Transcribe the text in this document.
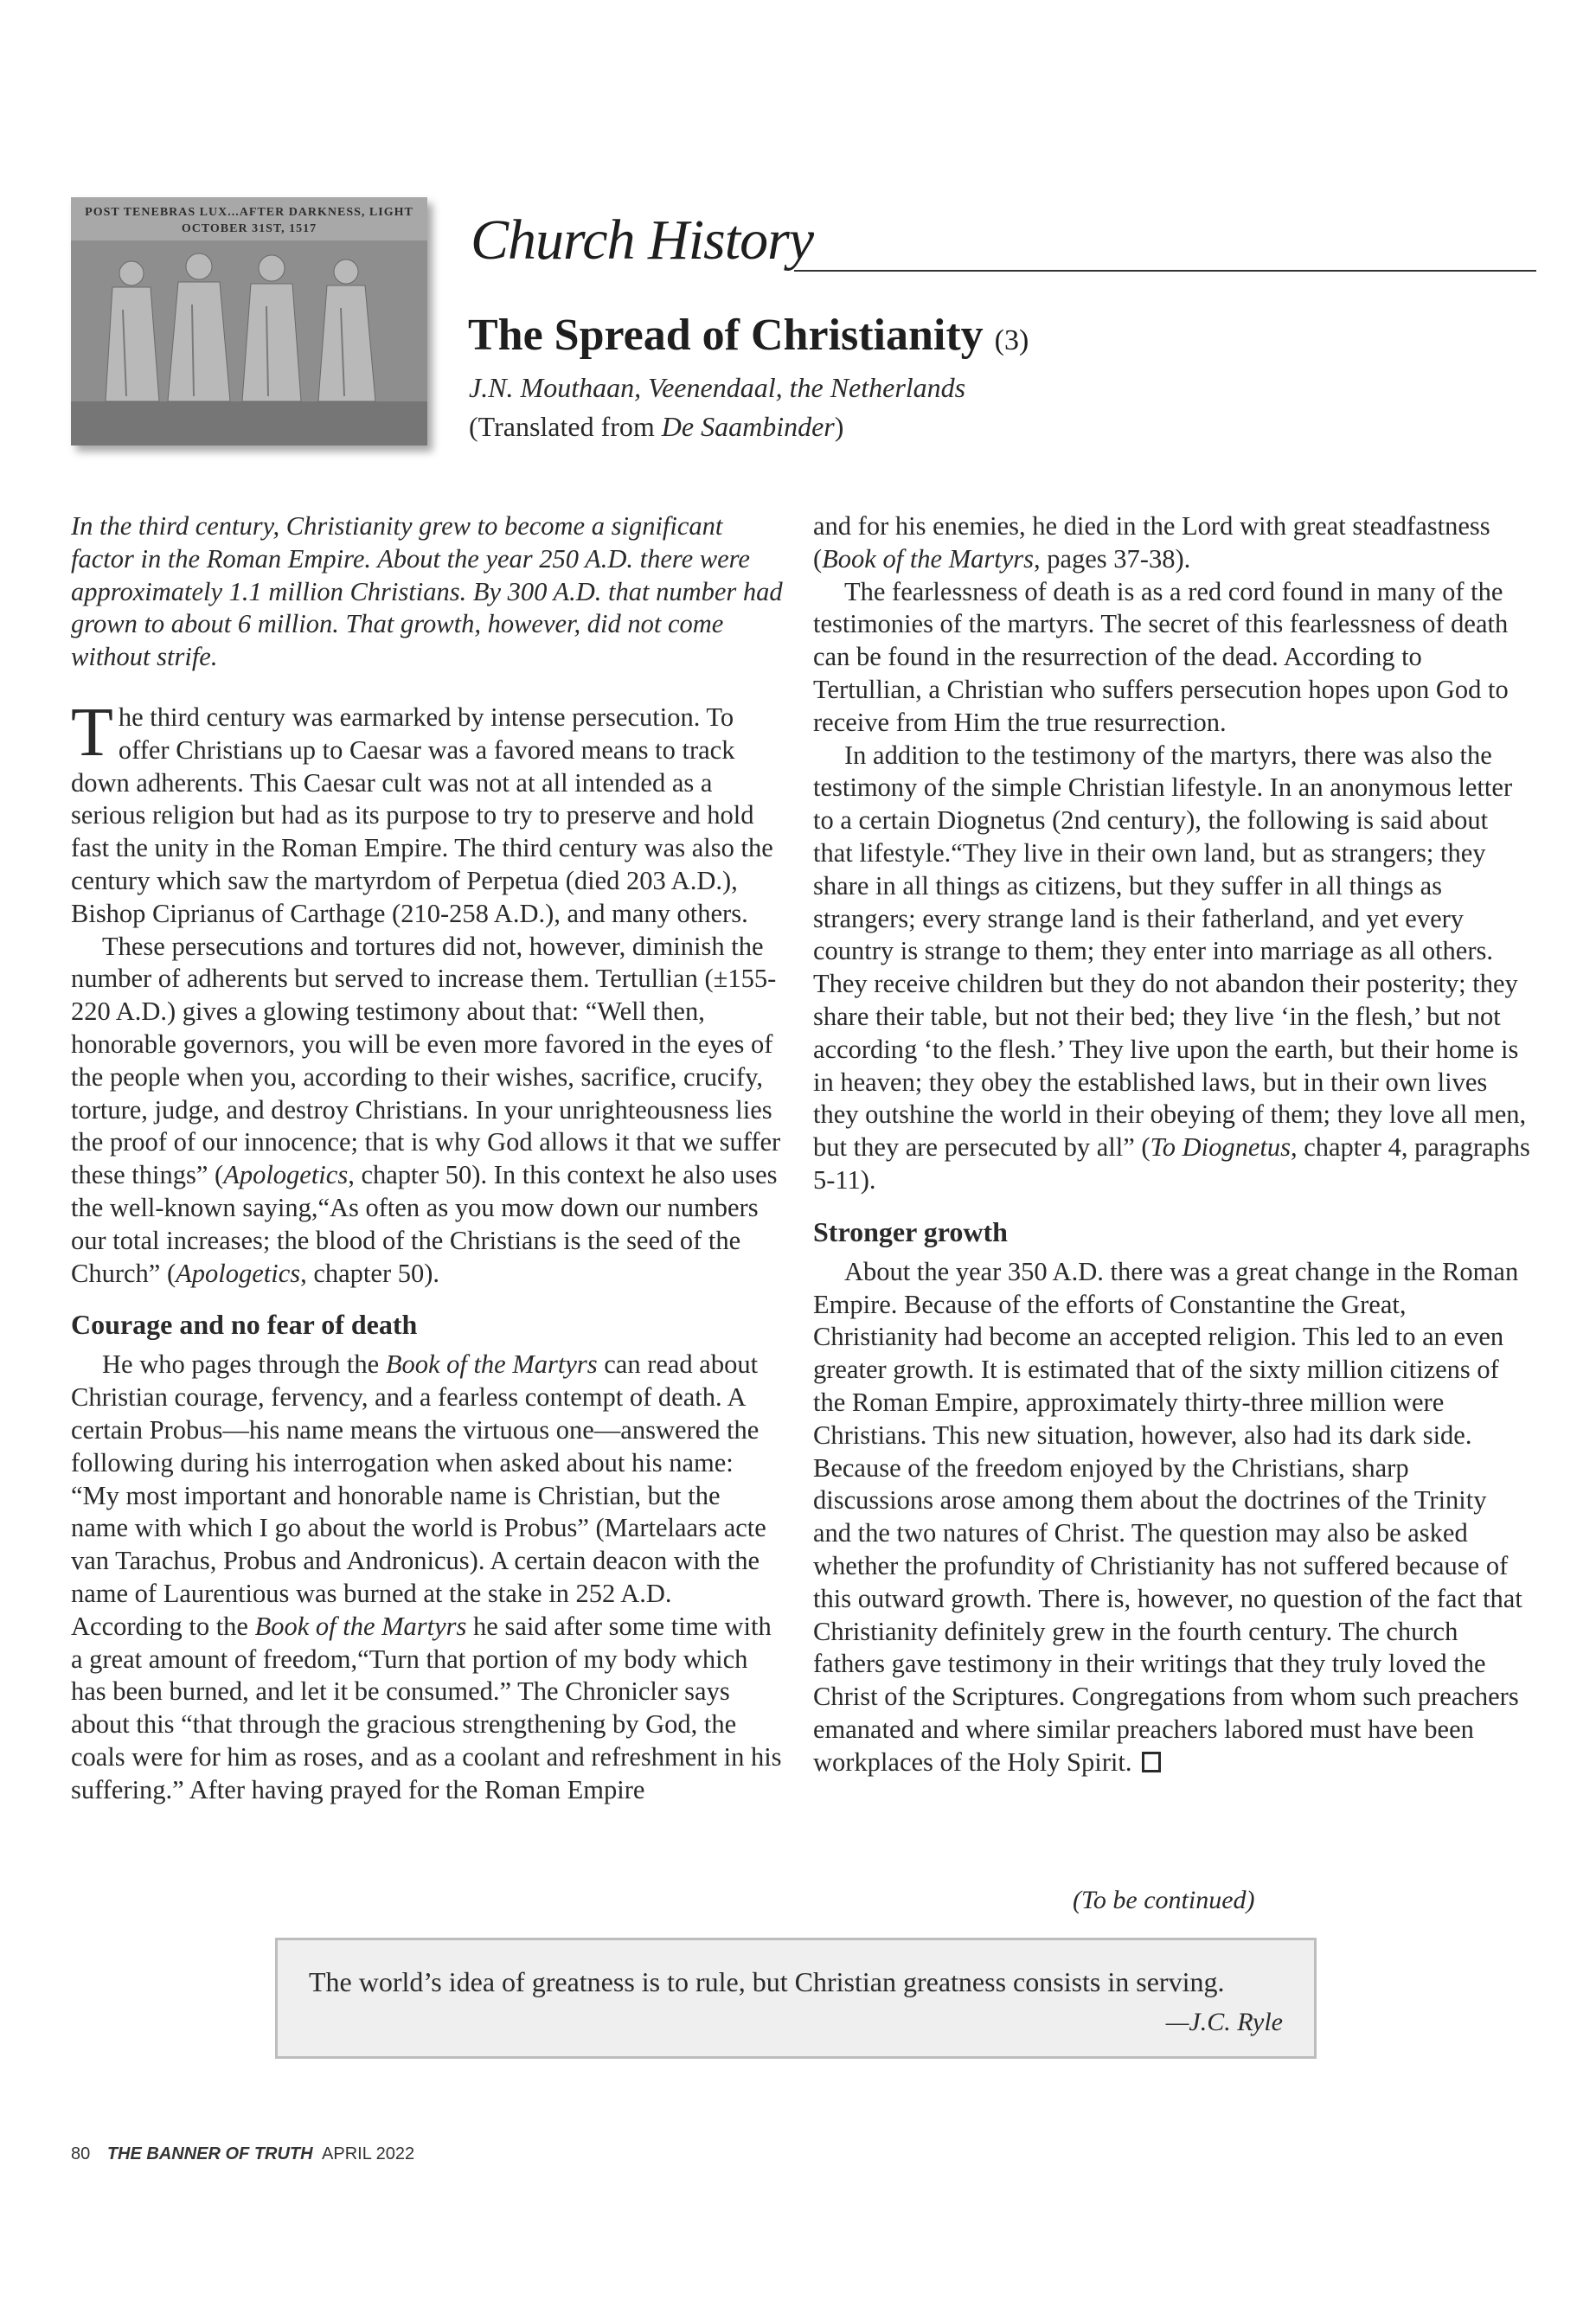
POST TENEBRAS LUX...AFTER DARKNESS, LIGHT OCTOBER 31ST, 1517	Church History
The Spread of Christianity (3)
J.N. Mouthaan, Veenendaal, the Netherlands
(Translated from De Saambinder)

In the third century, Christianity grew to become a significant factor in the Roman Empire. About the year 250 A.D. there were approximately 1.1 million Christians. By 300 A.D. that number had grown to about 6 million. That growth, however, did not come without strife.

The third century was earmarked by intense persecution. To offer Christians up to Caesar was a favored means to track down adherents. This Caesar cult was not at all intended as a serious religion but had as its purpose to try to preserve and hold fast the unity in the Roman Empire. The third century was also the century which saw the martyrdom of Perpetua (died 203 A.D.), Bishop Ciprianus of Carthage (210-258 A.D.), and many others.

These persecutions and tortures did not, however, diminish the number of adherents but served to increase them. Tertullian (±155-220 A.D.) gives a glowing testimony about that: “Well then, honorable governors, you will be even more favored in the eyes of the people when you, according to their wishes, sacrifice, crucify, torture, judge, and destroy Christians. In your unrighteousness lies the proof of our innocence; that is why God allows it that we suffer these things” (Apologetics, chapter 50). In this context he also uses the well-known saying,“As often as you mow down our numbers our total increases; the blood of the Christians is the seed of the Church” (Apologetics, chapter 50).

Courage and no fear of death

He who pages through the Book of the Martyrs can read about Christian courage, fervency, and a fearless contempt of death. A certain Probus—his name means the virtuous one—answered the following during his interrogation when asked about his name: “My most important and honorable name is Christian, but the name with which I go about the world is Probus” (Martelaars acte van Tarachus, Probus and Andronicus). A certain deacon with the name of Laurentious was burned at the stake in 252 A.D. According to the Book of the Martyrs he said after some time with a great amount of freedom,“Turn that portion of my body which has been burned, and let it be consumed.” The Chronicler says about this “that through the gracious strengthening by God, the coals were for him as roses, and as a coolant and refreshment in his suffering.” After having prayed for the Roman Empire

and for his enemies, he died in the Lord with great steadfastness (Book of the Martyrs, pages 37-38).

The fearlessness of death is as a red cord found in many of the testimonies of the martyrs. The secret of this fearlessness of death can be found in the resurrection of the dead. According to Tertullian, a Christian who suffers persecution hopes upon God to receive from Him the true resurrection.

In addition to the testimony of the martyrs, there was also the testimony of the simple Christian lifestyle. In an anonymous letter to a certain Diognetus (2nd century), the following is said about that lifestyle.“They live in their own land, but as strangers; they share in all things as citizens, but they suffer in all things as strangers; every strange land is their fatherland, and yet every country is strange to them; they enter into marriage as all others. They receive children but they do not abandon their posterity; they share their table, but not their bed; they live ‘in the flesh,’ but not according ‘to the flesh.’ They live upon the earth, but their home is in heaven; they obey the established laws, but in their own lives they outshine the world in their obeying of them; they love all men, but they are persecuted by all” (To Diognetus, chapter 4, paragraphs 5-11).

Stronger growth

About the year 350 A.D. there was a great change in the Roman Empire. Because of the efforts of Constantine the Great, Christianity had become an accepted religion. This led to an even greater growth. It is estimated that of the sixty million citizens of the Roman Empire, approximately thirty-three million were Christians. This new situation, however, also had its dark side. Because of the freedom enjoyed by the Christians, sharp discussions arose among them about the doctrines of the Trinity and the two natures of Christ. The question may also be asked whether the profundity of Christianity has not suffered because of this outward growth. There is, however, no question of the fact that Christianity definitely grew in the fourth century. The church fathers gave testimony in their writings that they truly loved the Christ of the Scriptures. Congregations from whom such preachers emanated and where similar preachers labored must have been workplaces of the Holy Spirit.

(To be continued)
The world’s idea of greatness is to rule, but Christian greatness consists in serving.
—J.C. Ryle
80 THE BANNER OF TRUTH APRIL 2022
